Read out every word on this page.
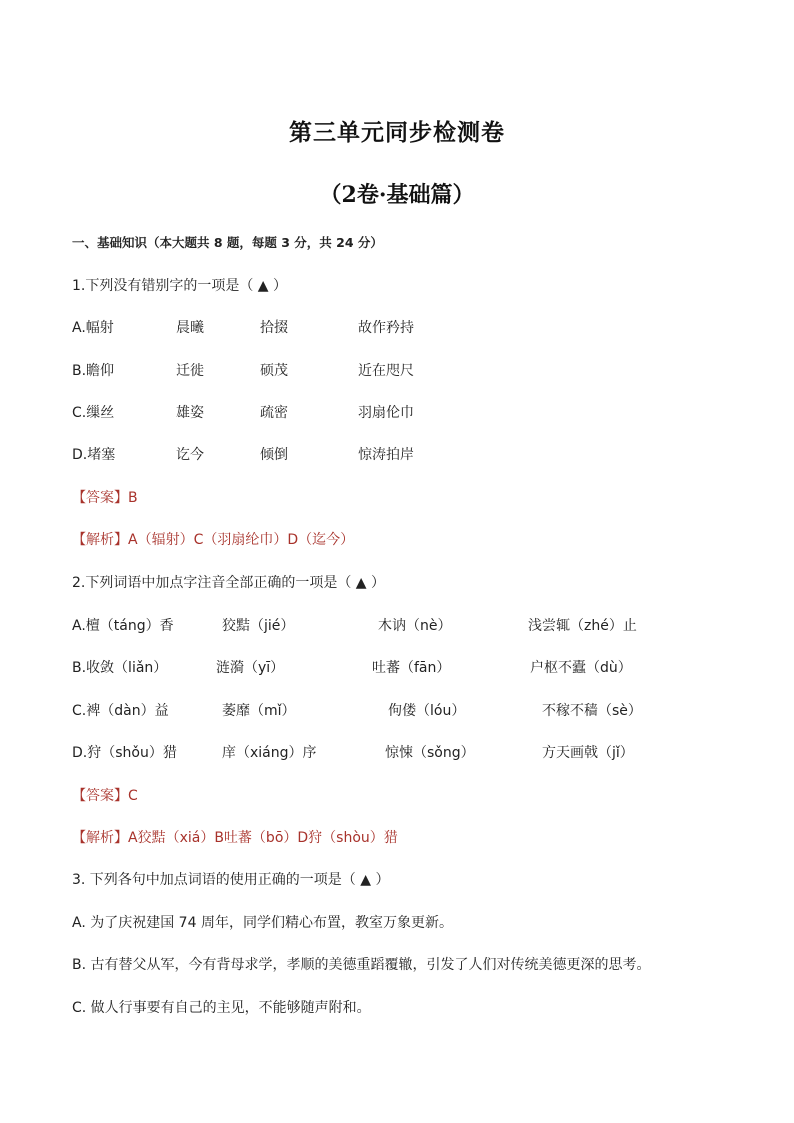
第三单元同步检测卷
（2卷·基础篇）
一、基础知识（本大题共 8 题，每题 3 分，共 24 分）
1.下列没有错别字的一项是（ ▲ ）
A.幅射	晨曦	拾掇	故作矜持
B.瞻仰	迁徙	硕茂	近在咫尺
C.缫丝	雄姿	疏密	羽扇伦巾
D.堵塞	讫今	倾倒	惊涛拍岸
【答案】B
【解析】A（辐射）C（羽扇纶巾）D（迄今）
2.下列词语中加点字注音全部正确的一项是（ ▲ ）
A.檀（táng）香	狡黠（jié）	木讷（nè）	浅尝辄（zhé）止
B.收敛（liǎn）	涟漪（yī）	吐蕃（fān）	户枢不蠹（dù）
C.裨（dàn）益	萎靡（mǐ）	佝偻（lóu）	不稼不穑（sè）
D.狩（shǒu）猎	庠（xiáng）序	惊悚（sǒng）	方天画戟（jǐ）
【答案】C
【解析】A狡黠（xiá）B吐蕃（bō）D狩（shòu）猎
3. 下列各句中加点词语的使用正确的一项是（ ▲ ）
A. 为了庆祝建国 74 周年，同学们精心布置，教室万象更新。
B. 古有替父从军，今有背母求学，孝顺的美德重蹈覆辙，引发了人们对传统美德更深的思考。
C. 做人行事要有自己的主见，不能够随声附和。
